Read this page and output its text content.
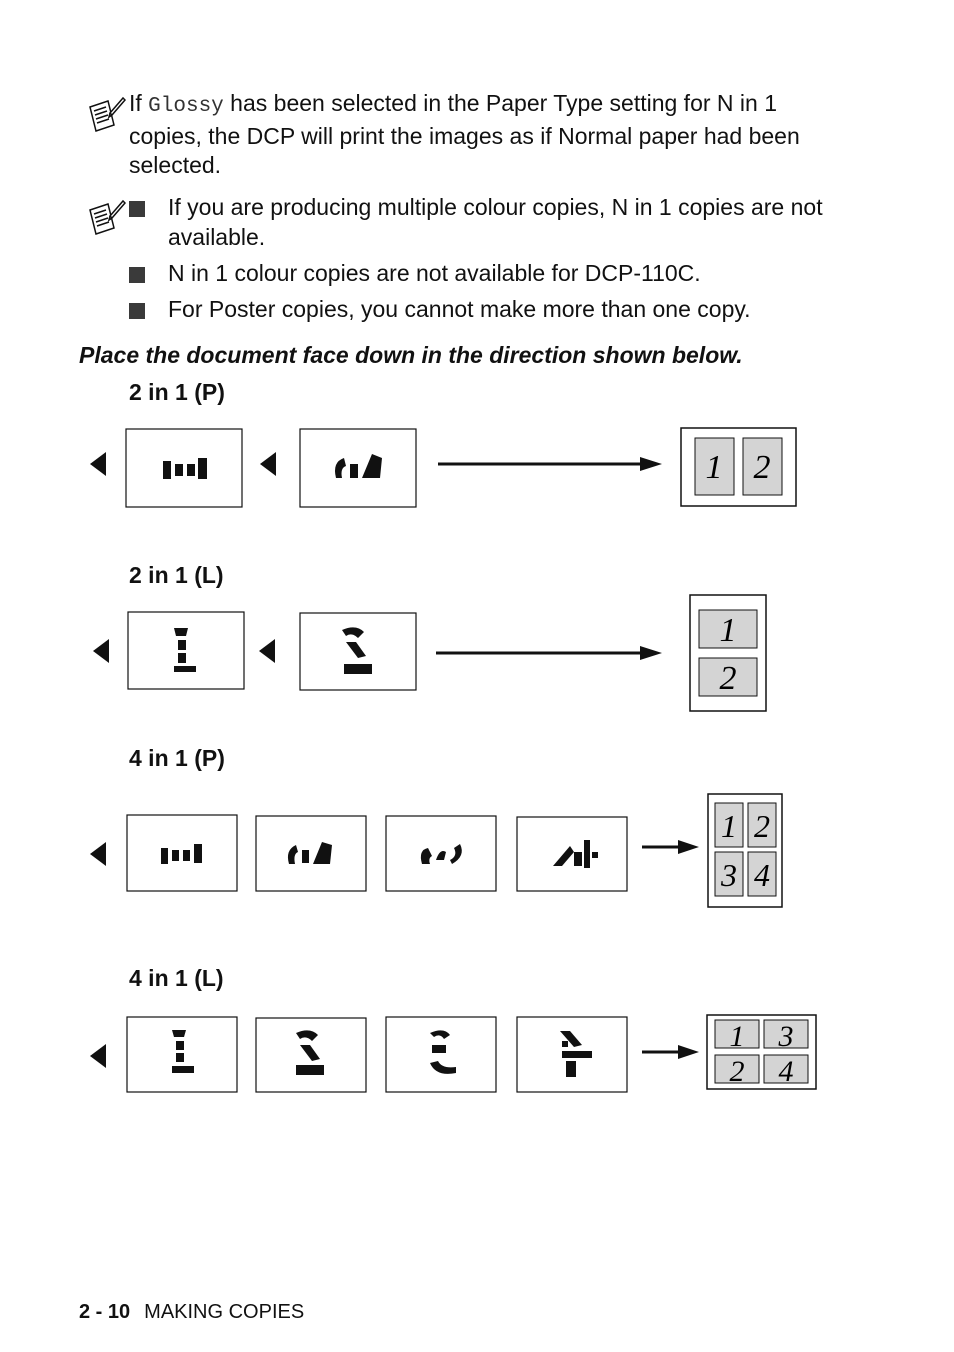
If Glossy has been selected in the Paper Type setting for N in 1 copies, the DCP will print the images as if Normal paper had been selected.
If you are producing multiple colour copies, N in 1 copies are not available.
N in 1 colour copies are not available for DCP-110C.
For Poster copies, you cannot make more than one copy.
Place the document face down in the direction shown below.
2 in 1 (P)
2 in 1 (L)
4 in 1 (P)
4 in 1 (L)
1 2
1
2
1 2
3 4
1 3
2 4
2 - 10 MAKING COPIES
